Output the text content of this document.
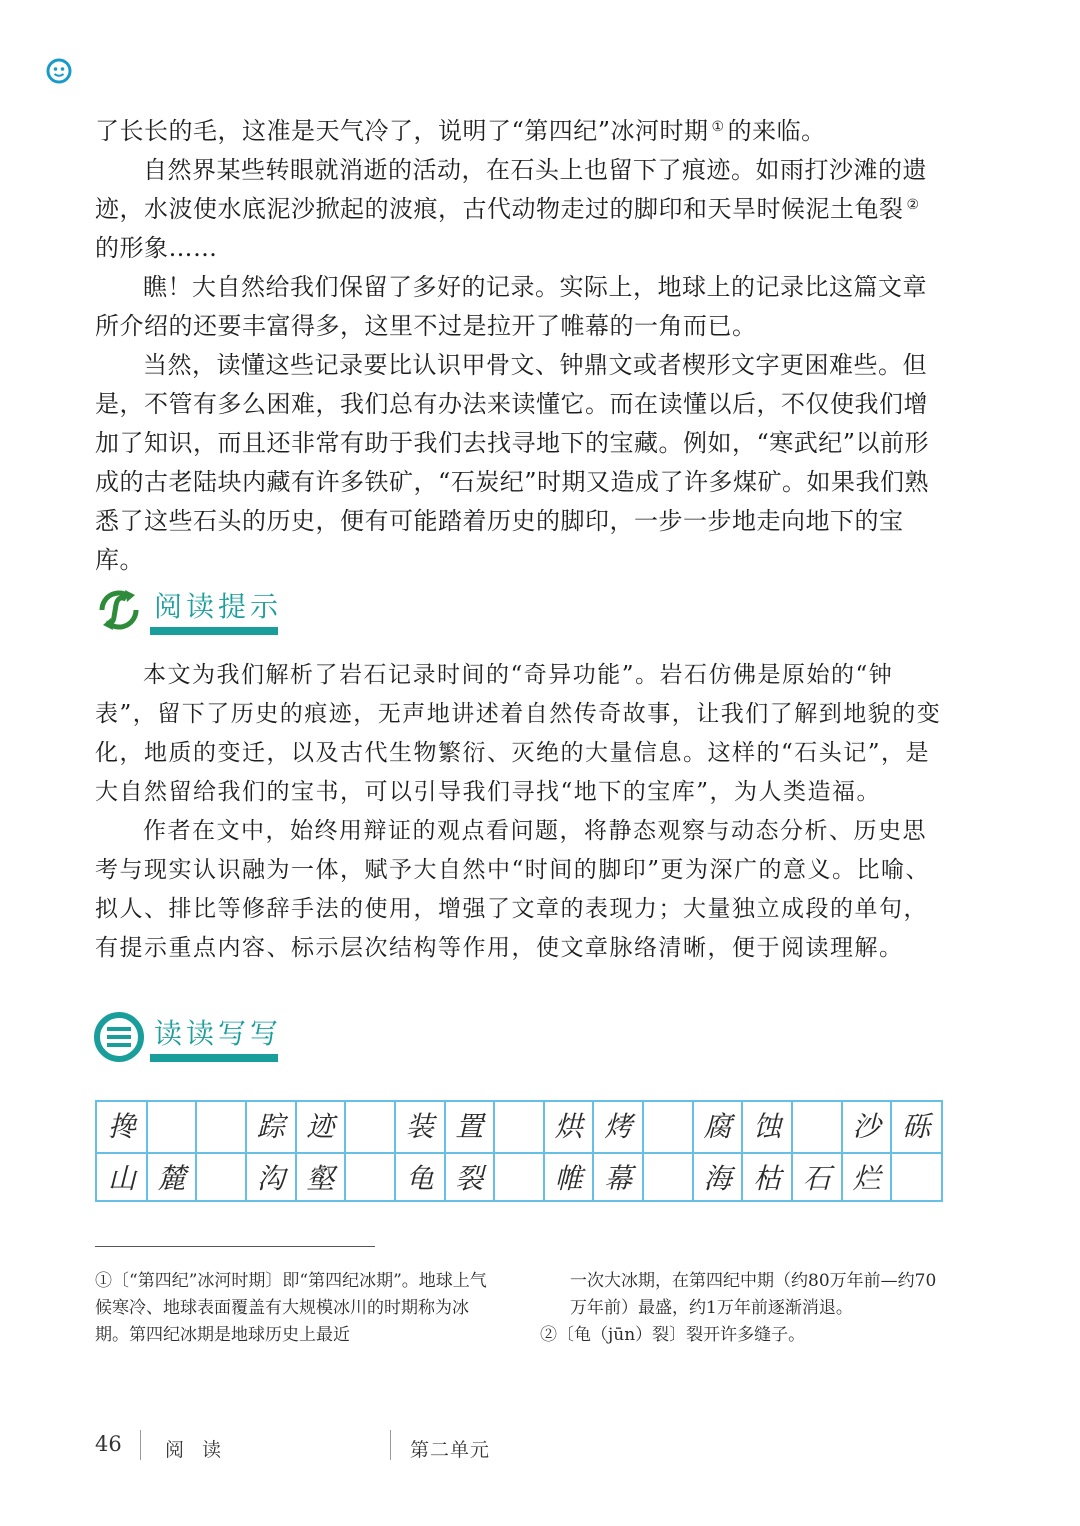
了长长的毛，这准是天气冷了，说明了“第四纪”冰河时期 ① 的来临。

自然界某些转眼就消逝的活动，在石头上也留下了痕迹。如雨打沙滩的遗迹，水波使水底泥沙掀起的波痕，古代动物走过的脚印和天旱时候泥土龟裂 ②的形象……

瞧！大自然给我们保留了多好的记录。实际上，地球上的记录比这篇文章所介绍的还要丰富得多，这里不过是拉开了帷幕的一角而已。

当然，读懂这些记录要比认识甲骨文、钟鼎文或者楔形文字更困难些。但是，不管有多么困难，我们总有办法来读懂它。而在读懂以后，不仅使我们增加了知识，而且还非常有助于我们去找寻地下的宝藏。例如，“寒武纪”以前形成的古老陆块内藏有许多铁矿，“石炭纪”时期又造成了许多煤矿。如果我们熟悉了这些石头的历史，便有可能踏着历史的脚印，一步一步地走向地下的宝库。

阅读提示

本文为我们解析了岩石记录时间的“奇异功能”。岩石仿佛是原始的“钟表”，留下了历史的痕迹，无声地讲述着自然传奇故事，让我们了解到地貌的变化，地质的变迁，以及古代生物繁衍、灭绝的大量信息。这样的“石头记”，是大自然留给我们的宝书，可以引导我们寻找“地下的宝库”，为人类造福。

作者在文中，始终用辩证的观点看问题，将静态观察与动态分析、历史思考与现实认识融为一体，赋予大自然中“时间的脚印”更为深广的意义。比喻、拟人、排比等修辞手法的使用，增强了文章的表现力；大量独立成段的单句，有提示重点内容、标示层次结构等作用，使文章脉络清晰，便于阅读理解。

读读写写
搀	踪 迹	装 置	烘 烤	腐 蚀	沙 砾
山 麓	沟 壑	龟 裂	帷 幕	海 枯 石 烂

①〔“第四纪”冰河时期〕即“第四纪冰期”。地球上气候寒冷、地球表面覆盖有大规模冰川的时期称为冰期。第四纪冰期是地球历史上最近

一次大冰期，在第四纪中期（约80万年前—约70万年前）最盛，约1万年前逐渐消退。

②〔龟（jūn）裂〕裂开许多缝子。

46 阅 读	第二单元
